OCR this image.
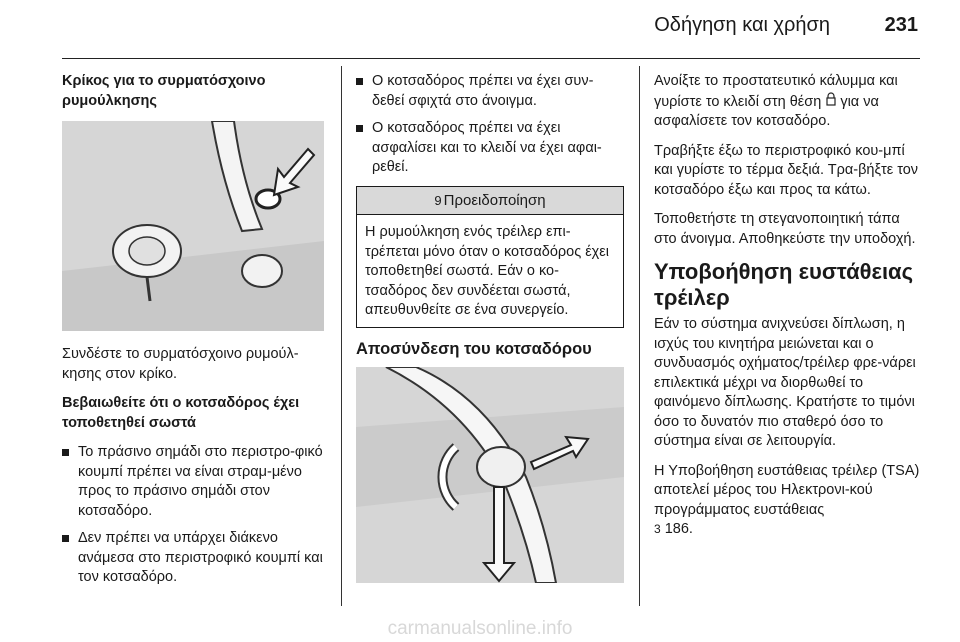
Οδήγηση και χρήση	231
Κρίκος για το συρματόσχοινο ρυμούλκησης

Συνδέστε το συρματόσχοινο ρυμούλ-κησης στον κρίκο.

Βεβαιωθείτε ότι ο κοτσαδόρος έχει τοποθετηθεί σωστά
Το πράσινο σημάδι στο περιστρο-φικό κουμπί πρέπει να είναι στραμ-μένο προς το πράσινο σημάδι στον κοτσαδόρο.
Δεν πρέπει να υπάρχει διάκενο ανάμεσα στο περιστροφικό κουμπί και τον κοτσαδόρο.
Ο κοτσαδόρος πρέπει να έχει συν-δεθεί σφιχτά στο άνοιγμα.
Ο κοτσαδόρος πρέπει να έχει ασφαλίσει και το κλειδί να έχει αφαι-ρεθεί.
9 Προειδοποίηση
Η ρυμούλκηση ενός τρέιλερ επι-τρέπεται μόνο όταν ο κοτσαδόρος έχει τοποθετηθεί σωστά. Εάν ο κο-τσαδόρος δεν συνδέεται σωστά, απευθυνθείτε σε ένα συνεργείο.
Αποσύνδεση του κοτσαδόρου

Ανοίξτε το προστατευτικό κάλυμμα και γυρίστε το κλειδί στη θέση για να ασφαλίσετε τον κοτσαδόρο.

Τραβήξτε έξω το περιστροφικό κου-μπί και γυρίστε το τέρμα δεξιά. Τρα-βήξτε τον κοτσαδόρο έξω και προς τα κάτω.

Τοποθετήστε τη στεγανοποιητική τάπα στο άνοιγμα. Αποθηκεύστε την υποδοχή.

Υποβοήθηση ευστάθειας τρέιλερ

Εάν το σύστημα ανιχνεύσει δίπλωση, η ισχύς του κινητήρα μειώνεται και ο συνδυασμός οχήματος/τρέιλερ φρε-νάρει επιλεκτικά μέχρι να διορθωθεί το φαινόμενο δίπλωσης. Κρατήστε το τιμόνι όσο το δυνατόν πιο σταθερό όσο το σύστημα είναι σε λειτουργία.

Η Υποβοήθηση ευστάθειας τρέιλερ (TSA) αποτελεί μέρος του Ηλεκτρονι-κού προγράμματος ευστάθειας
3 186.

carmanualsonline.info
